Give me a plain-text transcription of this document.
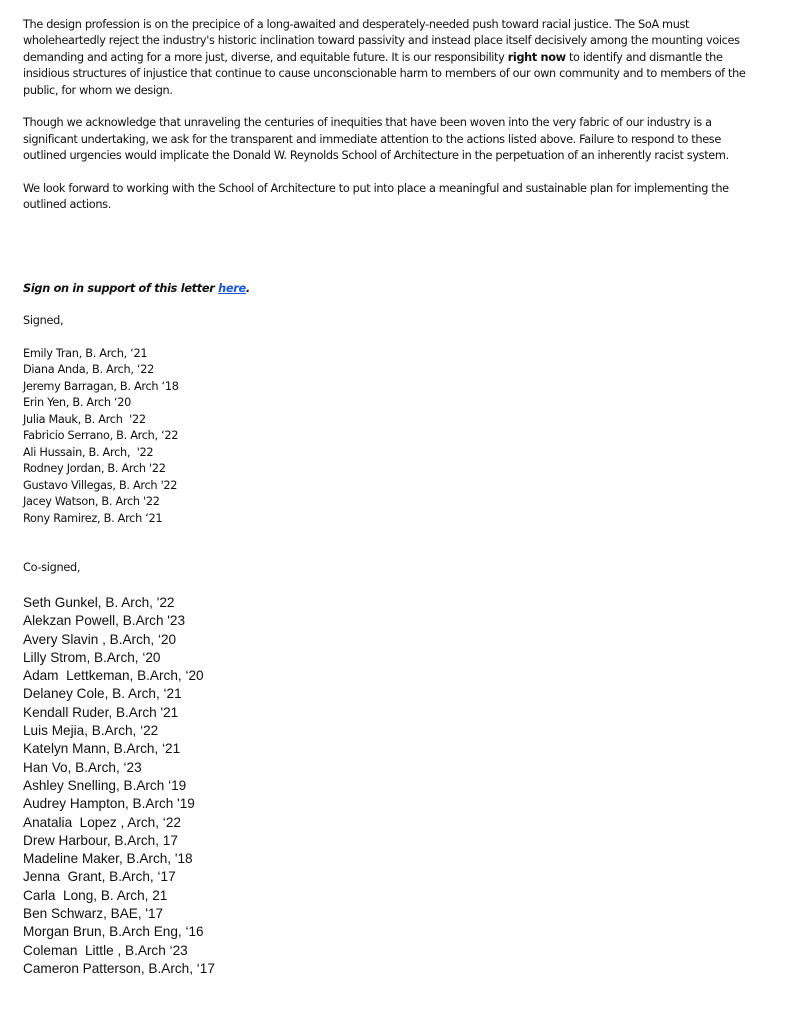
The design profession is on the precipice of a long-awaited and desperately-needed push toward racial justice. The SoA must wholeheartedly reject the industry's historic inclination toward passivity and instead place itself decisively among the mounting voices demanding and acting for a more just, diverse, and equitable future. It is our responsibility right now to identify and dismantle the insidious structures of injustice that continue to cause unconscionable harm to members of our own community and to members of the public, for whom we design.

Though we acknowledge that unraveling the centuries of inequities that have been woven into the very fabric of our industry is a significant undertaking, we ask for the transparent and immediate attention to the actions listed above. Failure to respond to these outlined urgencies would implicate the Donald W. Reynolds School of Architecture in the perpetuation of an inherently racist system.

We look forward to working with the School of Architecture to put into place a meaningful and sustainable plan for implementing the outlined actions.

Sign on in support of this letter here.
Signed,
Emily Tran, B. Arch, ‘21
Diana Anda, B. Arch, ‘22
Jeremy Barragan, B. Arch ‘18
Erin Yen, B. Arch ‘20
Julia Mauk, B. Arch  '22
Fabricio Serrano, B. Arch, ‘22
Ali Hussain, B. Arch,  '22
Rodney Jordan, B. Arch '22
Gustavo Villegas, B. Arch '22
Jacey Watson, B. Arch '22
Rony Ramirez, B. Arch ‘21
Co-signed,
Seth Gunkel, B. Arch, '22
Alekzan Powell, B.Arch '23
Avery Slavin , B.Arch, ‘20
Lilly Strom, B.Arch, ‘20
Adam  Lettkeman, B.Arch, ‘20
Delaney Cole, B. Arch, ‘21
Kendall Ruder, B.Arch '21
Luis Mejia, B.Arch, ‘22
Katelyn Mann, B.Arch, ‘21
Han Vo, B.Arch, ‘23
Ashley Snelling, B.Arch ‘19
Audrey Hampton, B.Arch '19
Anatalia  Lopez , Arch, ‘22
Drew Harbour, B.Arch, 17
Madeline Maker, B.Arch, '18
Jenna  Grant, B.Arch, ‘17
Carla  Long, B. Arch, 21
Ben Schwarz, BAE, '17
Morgan Brun, B.Arch Eng, ‘16
Coleman  Little , B.Arch ‘23
Cameron Patterson, B.Arch, ‘17
